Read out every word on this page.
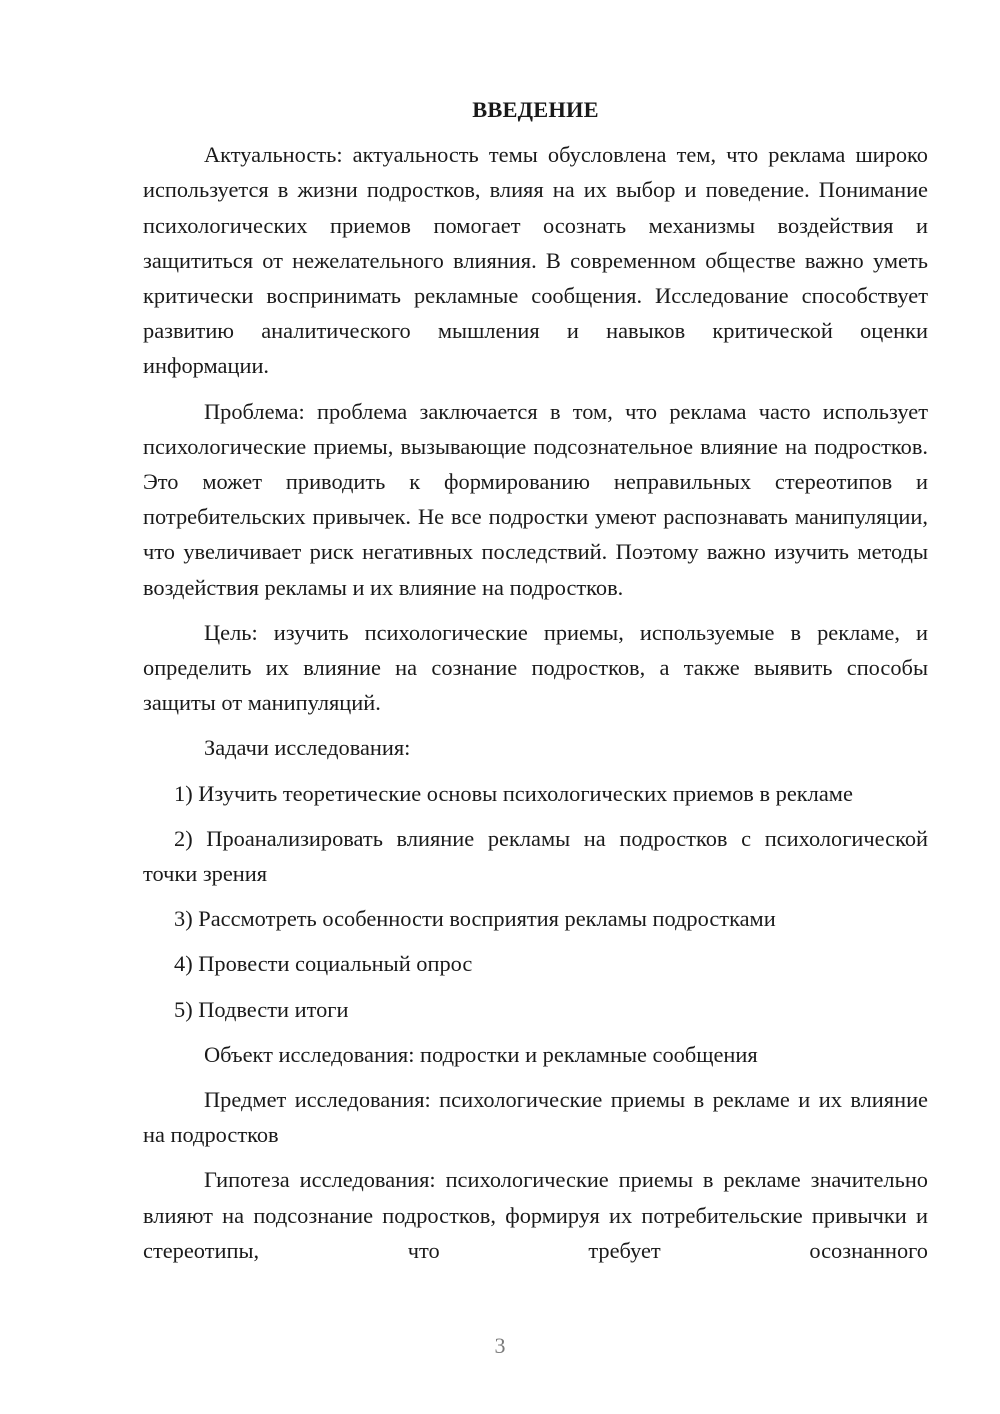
ВВЕДЕНИЕ

Актуальность: актуальность темы обусловлена тем, что реклама широко используется в жизни подростков, влияя на их выбор и поведение. Понимание психологических приемов помогает осознать механизмы воздействия и защититься от нежелательного влияния. В современном обществе важно уметь критически воспринимать рекламные сообщения. Исследование способствует развитию аналитического мышления и навыков критической оценки информации.

Проблема: проблема заключается в том, что реклама часто использует психологические приемы, вызывающие подсознательное влияние на подростков. Это может приводить к формированию неправильных стереотипов и потребительских привычек. Не все подростки умеют распознавать манипуляции, что увеличивает риск негативных последствий. Поэтому важно изучить методы воздействия рекламы и их влияние на подростков.

Цель: изучить психологические приемы, используемые в рекламе, и определить их влияние на сознание подростков, а также выявить способы защиты от манипуляций.

Задачи исследования:

1) Изучить теоретические основы психологических приемов в рекламе

2) Проанализировать влияние рекламы на подростков с психологической точки зрения

3) Рассмотреть особенности восприятия рекламы подростками

4) Провести социальный опрос

5) Подвести итоги

Объект исследования: подростки и рекламные сообщения

Предмет исследования: психологические приемы в рекламе и их влияние на подростков

Гипотеза исследования: психологические приемы в рекламе значительно влияют на подсознание подростков, формируя их потребительские привычки и стереотипы, что требует осознанного

3
